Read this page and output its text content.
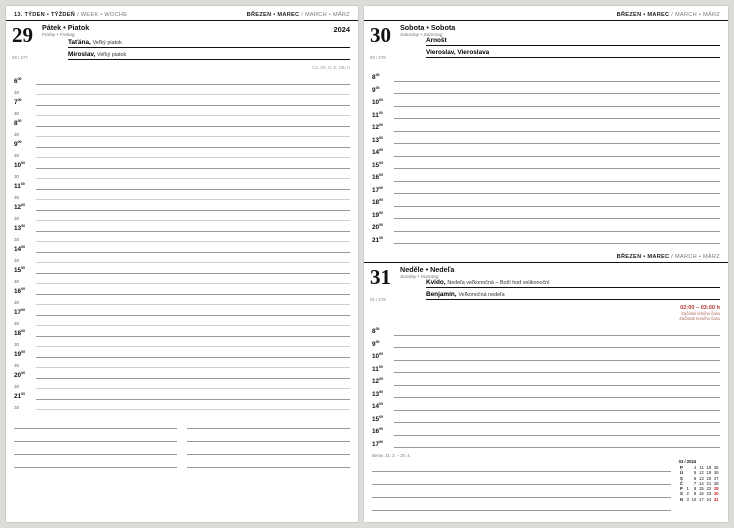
13. TÝDEN • TÝŽDEŇ / WEEK • WOCHE	BŘEZEN • MAREC / MARCH • MÄRZ
2024
29
89 / 277
Taťána, Veľký piatok
Miroslav, Veľký piatok
Pátek • Piatok
Friday • Freitag
CZ, SK, D, E, GB, H
$6^{00}$
30
$7^{00}$
30
$8^{00}$
30
$9^{00}$
30
$10^{00}$
30
$11^{00}$
30
$12^{00}$
30
$13^{00}$
30
$14^{00}$
30
$15^{00}$
30
$16^{00}$
30
$17^{00}$
30
$18^{00}$
30
$19^{00}$
30
$20^{00}$
30
$21^{00}$
30
BŘEZEN • MAREC / MARCH • MÄRZ
30
90 / 276
Arnošt
Vieroslav, Vieroslava
Sobota • Sobota
Saturday • Samstag
$8^{00}$
$9^{00}$
$10^{00}$
$11^{00}$
$12^{00}$
$13^{00}$
$14^{00}$
$15^{00}$
$16^{00}$
$17^{00}$
$18^{00}$
$19^{00}$
$20^{00}$
$21^{00}$
BŘEZEN • MAREC / MARCH • MÄRZ
31
91 / 275
Kvido, Nedeľa veľkonočná – Boží hod velikonoční
Benjamín, Veľkonočná nedeľa
Neděle • Nedeľa
Sunday • Sonntag
02:00 – 03:00 h
Začátek letního času
Začiatok letného času
$8^{00}$
$9^{00}$
$10^{00}$
$11^{00}$
$12^{00}$
$13^{00}$
$14^{00}$
$15^{00}$
$16^{00}$
$17^{00}$
Beran 21. 3. – 20. 4.
03 / 2024
P		4	11	18	25
Ú		5	12	19	26
S		6	13	20	27
Č		7	14	21	28
P	1	8	15	22	29
S	2	9	16	23	30
N	3	10	17	24	31
